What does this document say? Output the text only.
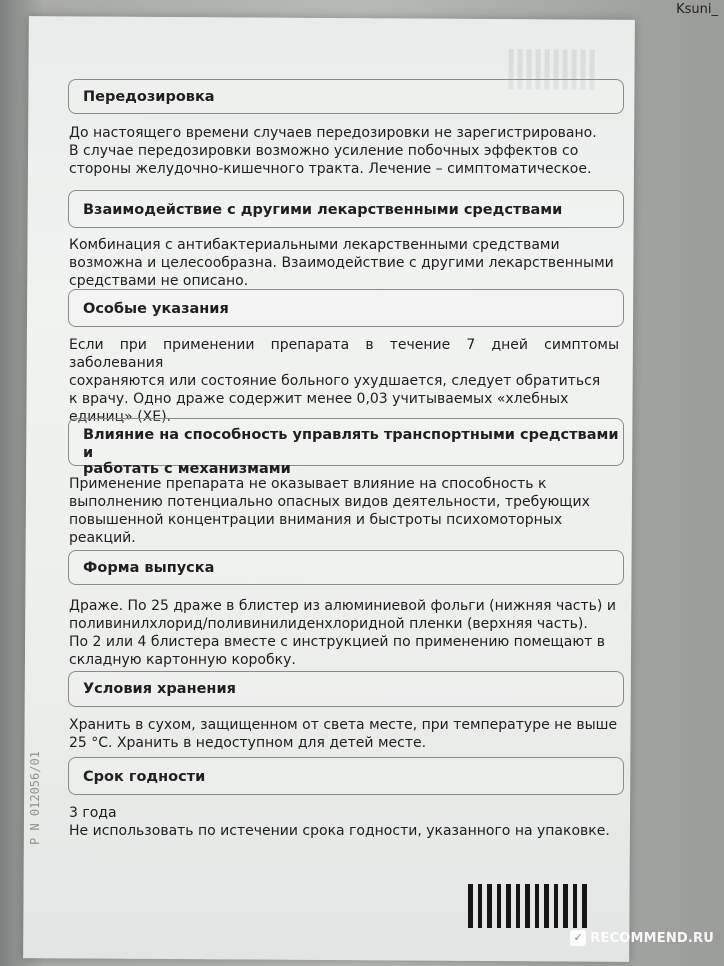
Ksuni_
P N 012056/01
Передозировка
До настоящего времени случаев передозировки не зарегистрировано.
В случае передозировки возможно усиление побочных эффектов со
стороны желудочно-кишечного тракта. Лечение – симптоматическое.
Взаимодействие с другими лекарственными средствами
Комбинация с антибактериальными лекарственными средствами
возможна и целесообразна. Взаимодействие с другими лекарственными
средствами не описано.
Особые указания
Если при применении препарата в течение 7 дней симптомы заболевания
сохраняются или состояние больного ухудшается, следует обратиться
к врачу. Одно драже содержит менее 0,03 учитываемых «хлебных
единиц» (ХЕ).
Влияние на способность управлять транспортными средствами и
работать с механизмами
Применение препарата не оказывает влияние на способность к
выполнению потенциально опасных видов деятельности, требующих
повышенной концентрации внимания и быстроты психомоторных
реакций.
Форма выпуска
Драже. По 25 драже в блистер из алюминиевой фольги (нижняя часть) и
поливинилхлорид/поливинилиденхлоридной пленки (верхняя часть).
По 2 или 4 блистера вместе с инструкцией по применению помещают в
складную картонную коробку.
Условия хранения
Хранить в сухом, защищенном от света месте, при температуре не выше
25 °С. Хранить в недоступном для детей месте.
Срок годности
3 года
Не использовать по истечении срока годности, указанного на упаковке.
✓ RECOMMEND.RU
